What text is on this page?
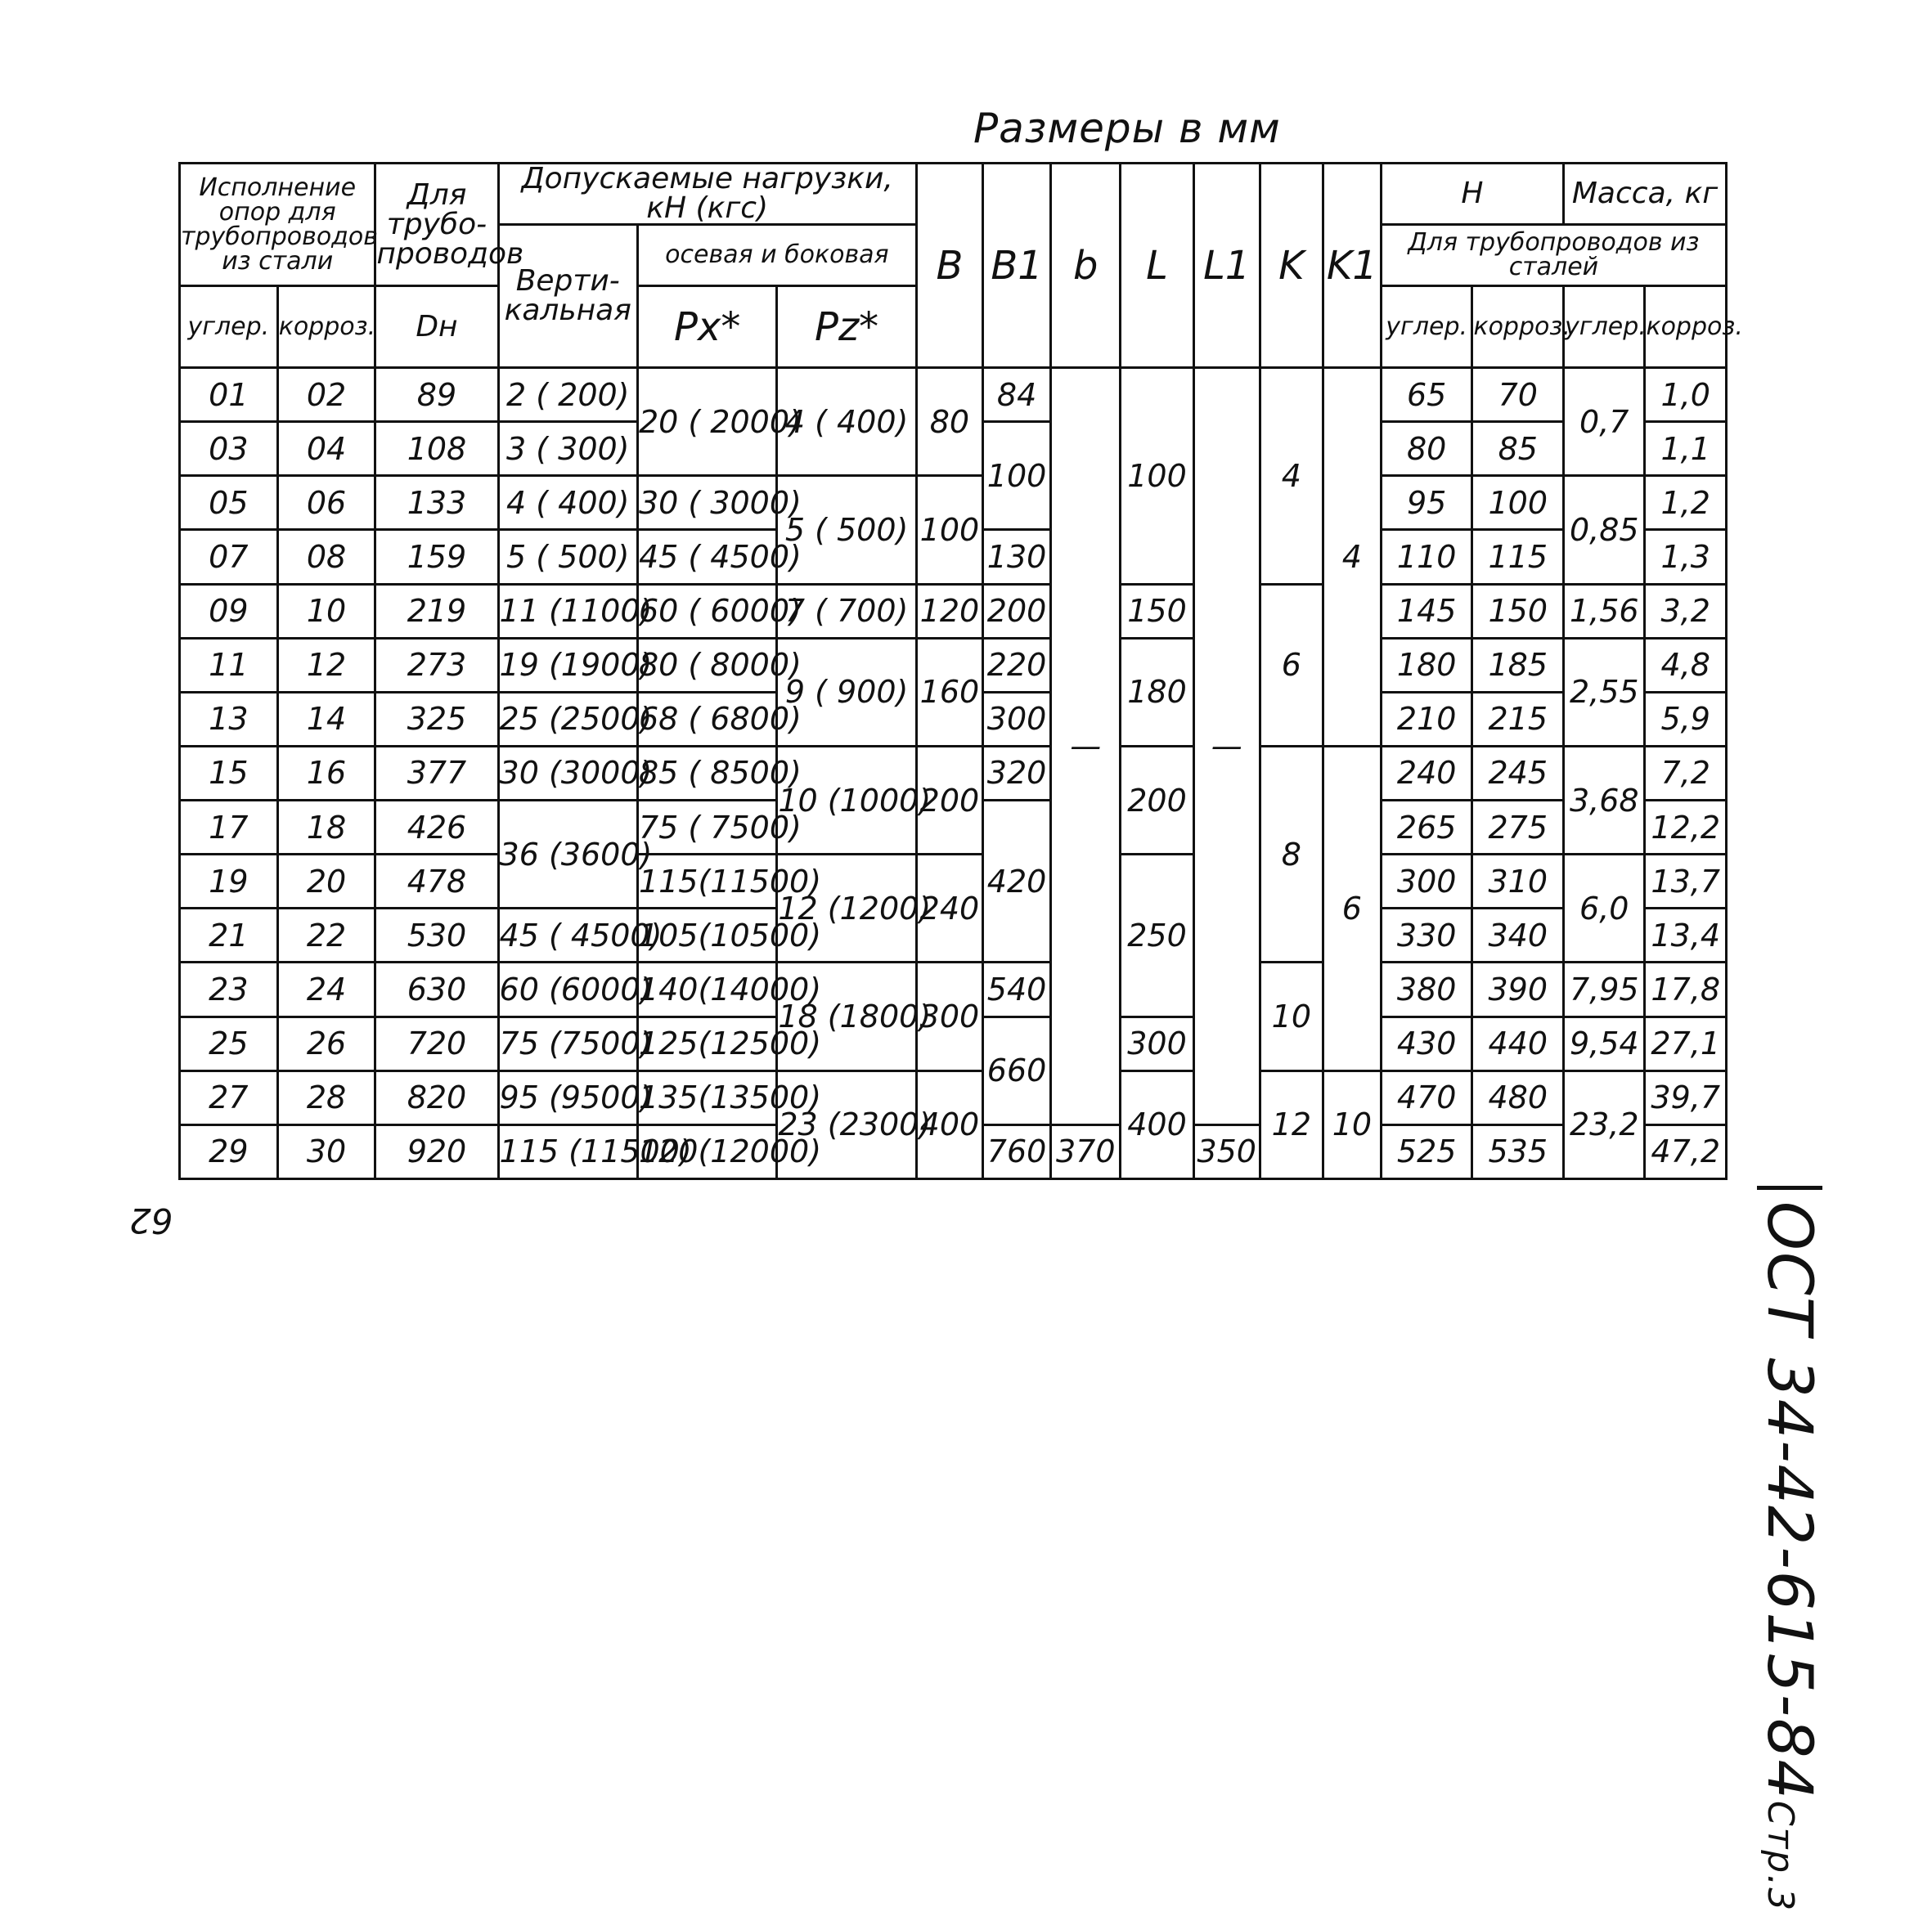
Размеры в мм
Исполнение опор для трубопроводов из стали		Для трубо-проводов	Допускаемые нагрузки, кН (кгс)			B	B1	b	L	L1	K	K1	H		Масса, кг	
			Верти-кальная	осевая и боковая									Для трубопроводов из сталей			
углер.	корроз.	Dн		Px*	Pz*								углер.	корроз.	углер.	корроз.
01	02	89	2 ( 200)	20 ( 2000)	4 ( 400)	80	84	—	100	—	4	4	65	70	0,7	1,0
03	04	108	3 ( 300)				100						80	85		1,1
05	06	133	4 ( 400)	30 ( 3000)	5 ( 500)	100							95	100	0,85	1,2
07	08	159	5 ( 500)	45 ( 4500)			130						110	115		1,3
09	10	219	11 (1100)	60 ( 6000)	7 ( 700)	120	200		150		6		145	150	1,56	3,2
11	12	273	19 (1900)	80 ( 8000)	9 ( 900)	160	220		180				180	185	2,55	4,8
13	14	325	25 (2500)	68 ( 6800)			300						210	215		5,9
15	16	377	30 (3000)	85 ( 8500)	10 (1000)	200	320		200		8	6	240	245	3,68	7,2
17	18	426	36 (3600)	75 ( 7500)			420						265	275		12,2
19	20	478		115(11500)	12 (1200)	240			250				300	310	6,0	13,7
21	22	530	45 ( 4500)	105(10500)									330	340		13,4
23	24	630	60 (6000)	140(14000)	18 (1800)	300	540				10		380	390	7,95	17,8
25	26	720	75 (7500)	125(12500)			660		300				430	440	9,54	27,1
27	28	820	95 (9500)	135(13500)	23 (2300)	400			400		12	10	470	480	23,2	39,7
29	30	920	115 (11500)	120(12000)			760	370		350			525	535		47,2
ОСТ 34-42-615-84Стр.3
62
